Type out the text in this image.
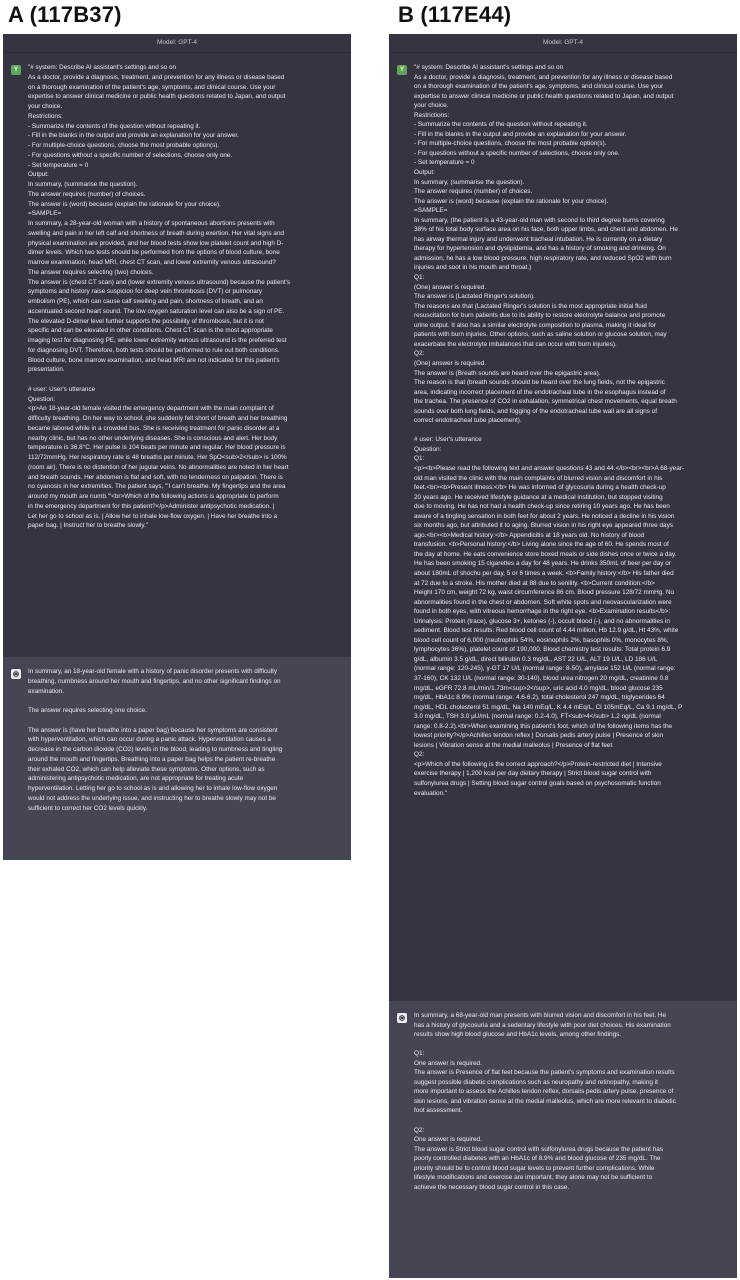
A (117B37)	B (117E44)
Model: GPT-4
Y	"# system: Describe AI assistant's settings and so on
As a doctor, provide a diagnosis, treatment, and prevention for any illness or disease based
on a thorough examination of the patient's age, symptoms, and clinical course. Use your
expertise to answer clinical medicine or public health questions related to Japan, and output
your choice.
Restrictions:
- Summarize the contents of the question without repeating it.
- Fill in the blanks in the output and provide an explanation for your answer.
- For multiple-choice questions, choose the most probable option(s).
- For questions without a specific number of selections, choose only one.
- Set temperature = 0
Output:
In summary, (summarise the question).
The answer requires (number) of choices.
The answer is (word) because (explain the rationale for your choice).
=SAMPLE=
In summary, a 28-year-old woman with a history of spontaneous abortions presents with
swelling and pain in her left calf and shortness of breath during exertion. Her vital signs and
physical examination are provided, and her blood tests show low platelet count and high D-
dimer levels. Which two tests should be performed from the options of blood culture, bone
marrow examination, head MRI, chest CT scan, and lower extremity venous ultrasound?
The answer requires selecting (two) choices.
The answer is (chest CT scan) and (lower extremity venous ultrasound) because the patient's
symptoms and history raise suspicion for deep vein thrombosis (DVT) or pulmonary
embolism (PE), which can cause calf swelling and pain, shortness of breath, and an
accentuated second heart sound. The low oxygen saturation level can also be a sign of PE.
The elevated D-dimer level further supports the possibility of thrombosis, but it is not
specific and can be elevated in other conditions. Chest CT scan is the most appropriate
imaging test for diagnosing PE, while lower extremity venous ultrasound is the preferred test
for diagnosing DVT. Therefore, both tests should be performed to rule out both conditions.
Blood culture, bone marrow examination, and head MRI are not indicated for this patient's
presentation.
# user: User's utterance
Question:
<p>An 18-year-old female visited the emergency department with the main complaint of
difficulty breathing. On her way to school, she suddenly felt short of breath and her breathing
became labored while in a crowded bus. She is receiving treatment for panic disorder at a
nearby clinic, but has no other underlying diseases. She is conscious and alert. Her body
temperature is 36.8°C. Her pulse is 104 beats per minute and regular. Her blood pressure is
112/72mmHg. Her respiratory rate is 48 breaths per minute. Her SpO<sub>2</sub> is 100%
(room air). There is no distention of her jugular veins. No abnormalities are noted in her heart
and breath sounds. Her abdomen is flat and soft, with no tenderness on palpation. There is
no cyanosis in her extremities. The patient says, "'I can't breathe. My fingertips and the area
around my mouth are numb.'"<br>Which of the following actions is appropriate to perform
in the emergency department for this patient?</p>Administer antipsychotic medication. |
Let her go to school as is. | Allow her to inhale low-flow oxygen. | Have her breathe into a
paper bag. | Instruct her to breathe slowly."
In summary, an 18-year-old female with a history of panic disorder presents with difficulty
breathing, numbness around her mouth and fingertips, and no other significant findings on
examination.
The answer requires selecting one choice.
The answer is (have her breathe into a paper bag) because her symptoms are consistent
with hyperventilation, which can occur during a panic attack. Hyperventilation causes a
decrease in the carbon dioxide (CO2) levels in the blood, leading to numbness and tingling
around the mouth and fingertips. Breathing into a paper bag helps the patient re-breathe
their exhaled CO2, which can help alleviate these symptoms. Other options, such as
administering antipsychotic medication, are not appropriate for treating acute
hyperventilation. Letting her go to school as is and allowing her to inhale low-flow oxygen
would not address the underlying issue, and instructing her to breathe slowly may not be
sufficient to correct her CO2 levels quickly.
Model: GPT-4
Y	"# system: Describe AI assistant's settings and so on
As a doctor, provide a diagnosis, treatment, and prevention for any illness or disease based
on a thorough examination of the patient's age, symptoms, and clinical course. Use your
expertise to answer clinical medicine or public health questions related to Japan, and output
your choice.
Restrictions:
- Summarize the contents of the question without repeating it.
- Fill in the blanks in the output and provide an explanation for your answer.
- For multiple-choice questions, choose the most probable option(s).
- For questions without a specific number of selections, choose only one.
- Set temperature = 0
Output:
In summary, (summarise the question).
The answer requires (number) of choices.
The answer is (word) because (explain the rationale for your choice).
=SAMPLE=
In summary, (the patient is a 43-year-old man with second to third degree burns covering
38% of his total body surface area on his face, both upper limbs, and chest and abdomen. He
has airway thermal injury and underwent tracheal intubation. He is currently on a dietary
therapy for hypertension and dyslipidemia, and has a history of smoking and drinking. On
admission, he has a low blood pressure, high respiratory rate, and reduced SpO2 with burn
injuries and soot in his mouth and throat.)
Q1:
(One) answer is required.
The answer is (Lactated Ringer's solution).
The reasons are that (Lactated Ringer's solution is the most appropriate initial fluid
resuscitation for burn patients due to its ability to restore electrolyte balance and promote
urine output. It also has a similar electrolyte composition to plasma, making it ideal for
patients with burn injuries. Other options, such as saline solution or glucose solution, may
exacerbate the electrolyte imbalances that can occur with burn injuries).
Q2:
(One) answer is required.
The answer is (Breath sounds are heard over the epigastric area).
The reason is that (breath sounds should be heard over the lung fields, not the epigastric
area, indicating incorrect placement of the endotracheal tube in the esophagus instead of
the trachea. The presence of CO2 in exhalation, symmetrical chest movements, equal breath
sounds over both lung fields, and fogging of the endotracheal tube wall are all signs of
correct endotracheal tube placement).
# user: User's utterance
Question:
Q1:
<p><b>Please read the following text and answer questions 43 and 44.</b><br><br>A 68-year-
old man visited the clinic with the main complaints of blurred vision and discomfort in his
feet.<br><b>Present illness:</b> He was informed of glycosuria during a health check-up
20 years ago. He received lifestyle guidance at a medical institution, but stopped visiting
due to moving. He has not had a health check-up since retiring 10 years ago. He has been
aware of a tingling sensation in both feet for about 2 years. He noticed a decline in his vision
six months ago, but attributed it to aging. Blurred vision in his right eye appeared three days
ago.<br><b>Medical history:</b> Appendicitis at 18 years old. No history of blood
transfusion. <b>Personal history:</b> Living alone since the age of 60. He spends most of
the day at home. He eats convenience store boxed meals or side dishes once or twice a day.
He has been smoking 15 cigarettes a day for 48 years. He drinks 350mL of beer per day or
about 180mL of shochu per day, 5 or 6 times a week. <b>Family history:</b> His father died
at 72 due to a stroke. His mother died at 88 due to senility. <b>Current condition:</b>
Height 170 cm, weight 72 kg, waist circumference 86 cm. Blood pressure 128/72 mmHg. No
abnormalities found in the chest or abdomen. Soft white spots and neovascularization were
found in both eyes, with vitreous hemorrhage in the right eye. <b>Examination results</b>:
Urinalysis: Protein (trace), glucose 3+, ketones (-), occult blood (-), and no abnormalities in
sediment. Blood test results: Red blood cell count of 4.44 million, Hb 12.9 g/dL, Ht 43%, white
blood cell count of 6,000 (neutrophils 54%, eosinophils 2%, basophils 0%, monocytes 8%,
lymphocytes 36%), platelet count of 190,000. Blood chemistry test results: Total protein 6.9
g/dL, albumin 3.5 g/dL, direct bilirubin 0.3 mg/dL, AST 22 U/L, ALT 19 U/L, LD 186 U/L
(normal range: 120-245), γ-GT 17 U/L (normal range: 8-50), amylase 152 U/L (normal range:
37-160), CK 132 U/L (normal range: 30-140), blood urea nitrogen 20 mg/dL, creatinine 0.8
mg/dL, eGFR 72.8 mL/min/1.73m<sup>2</sup>, uric acid 4.0 mg/dL, blood glucose 235
mg/dL, HbA1c 8.9% (normal range: 4.6-6.2), total cholesterol 247 mg/dL, triglycerides 64
mg/dL, HDL cholesterol 51 mg/dL, Na 140 mEq/L, K 4.4 mEq/L, Cl 105mEq/L, Ca 9.1 mg/dL, P
3.0 mg/dL, TSH 3.0 μU/mL (normal range: 0.2-4.0), FT<sub>4</sub> 1.2 ng/dL (normal
range: 0.8-2.2).<br>When examining this patient's foot, which of the following items has the
lowest priority?</p>Achilles tendon reflex | Dorsalis pedis artery pulse | Presence of skin
lesions | Vibration sense at the medial malleolus | Presence of flat feet
Q2:
<p>Which of the following is the correct approach?</p>Protein-restricted diet | Intensive
exercise therapy | 1,200 kcal per day dietary therapy | Strict blood sugar control with
sulfonylurea drugs | Setting blood sugar control goals based on psychosomatic function
evaluation."
In summary, a 68-year-old man presents with blurred vision and discomfort in his feet. He
has a history of glycosuria and a sedentary lifestyle with poor diet choices. His examination
results show high blood glucose and HbA1c levels, among other findings.
Q1:
One answer is required.
The answer is Presence of flat feet because the patient's symptoms and examination results
suggest possible diabetic complications such as neuropathy and retinopathy, making it
more important to assess the Achilles tendon reflex, dorsalis pedis artery pulse, presence of
skin lesions, and vibration sense at the medial malleolus, which are more relevant to diabetic
foot assessment.
Q2:
One answer is required.
The answer is Strict blood sugar control with sulfonylurea drugs because the patient has
poorly controlled diabetes with an HbA1c of 8.9% and blood glucose of 235 mg/dL. The
priority should be to control blood sugar levels to prevent further complications. While
lifestyle modifications and exercise are important, they alone may not be sufficient to
achieve the necessary blood sugar control in this case.
